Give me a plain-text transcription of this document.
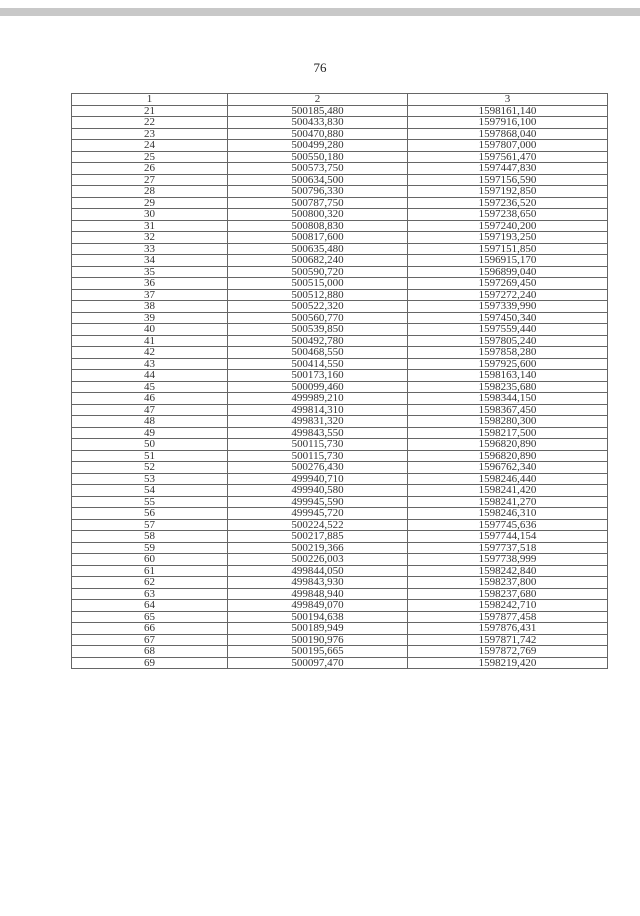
76
1	2	3
21	500185,480	1598161,140
22	500433,830	1597916,100
23	500470,880	1597868,040
24	500499,280	1597807,000
25	500550,180	1597561,470
26	500573,750	1597447,830
27	500634,500	1597156,590
28	500796,330	1597192,850
29	500787,750	1597236,520
30	500800,320	1597238,650
31	500808,830	1597240,200
32	500817,600	1597193,250
33	500635,480	1597151,850
34	500682,240	1596915,170
35	500590,720	1596899,040
36	500515,000	1597269,450
37	500512,880	1597272,240
38	500522,320	1597339,990
39	500560,770	1597450,340
40	500539,850	1597559,440
41	500492,780	1597805,240
42	500468,550	1597858,280
43	500414,550	1597925,600
44	500173,160	1598163,140
45	500099,460	1598235,680
46	499989,210	1598344,150
47	499814,310	1598367,450
48	499831,320	1598280,300
49	499843,550	1598217,500
50	500115,730	1596820,890
51	500115,730	1596820,890
52	500276,430	1596762,340
53	499940,710	1598246,440
54	499940,580	1598241,420
55	499945,590	1598241,270
56	499945,720	1598246,310
57	500224,522	1597745,636
58	500217,885	1597744,154
59	500219,366	1597737,518
60	500226,003	1597738,999
61	499844,050	1598242,840
62	499843,930	1598237,800
63	499848,940	1598237,680
64	499849,070	1598242,710
65	500194,638	1597877,458
66	500189,949	1597876,431
67	500190,976	1597871,742
68	500195,665	1597872,769
69	500097,470	1598219,420
